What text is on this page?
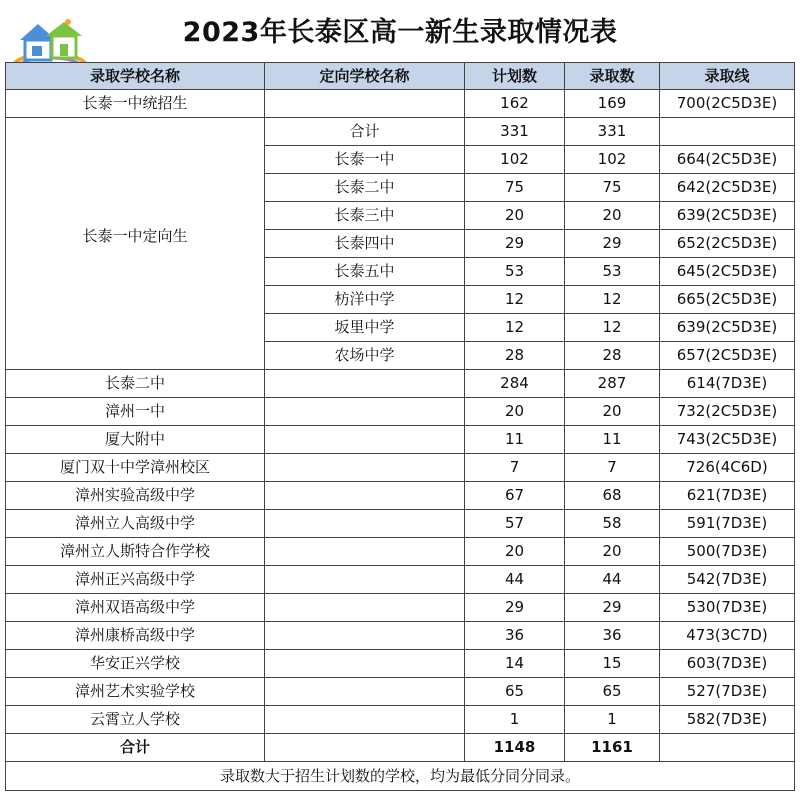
2023年长泰区高一新生录取情况表
录取学校名称	定向学校名称	计划数	录取数	录取线
长泰一中统招生		162	169	700(2C5D3E)
长泰一中定向生	合计	331	331	
	长泰一中	102	102	664(2C5D3E)
	长泰二中	75	75	642(2C5D3E)
	长泰三中	20	20	639(2C5D3E)
	长泰四中	29	29	652(2C5D3E)
	长泰五中	53	53	645(2C5D3E)
	枋洋中学	12	12	665(2C5D3E)
	坂里中学	12	12	639(2C5D3E)
	农场中学	28	28	657(2C5D3E)
长泰二中		284	287	614(7D3E)
漳州一中		20	20	732(2C5D3E)
厦大附中		11	11	743(2C5D3E)
厦门双十中学漳州校区		7	7	726(4C6D)
漳州实验高级中学		67	68	621(7D3E)
漳州立人高级中学		57	58	591(7D3E)
漳州立人斯特合作学校		20	20	500(7D3E)
漳州正兴高级中学		44	44	542(7D3E)
漳州双语高级中学		29	29	530(7D3E)
漳州康桥高级中学		36	36	473(3C7D)
华安正兴学校		14	15	603(7D3E)
漳州艺术实验学校		65	65	527(7D3E)
云霄立人学校		1	1	582(7D3E)
合计		1148	1161	
录取数大于招生计划数的学校，均为最低分同分同录。				
